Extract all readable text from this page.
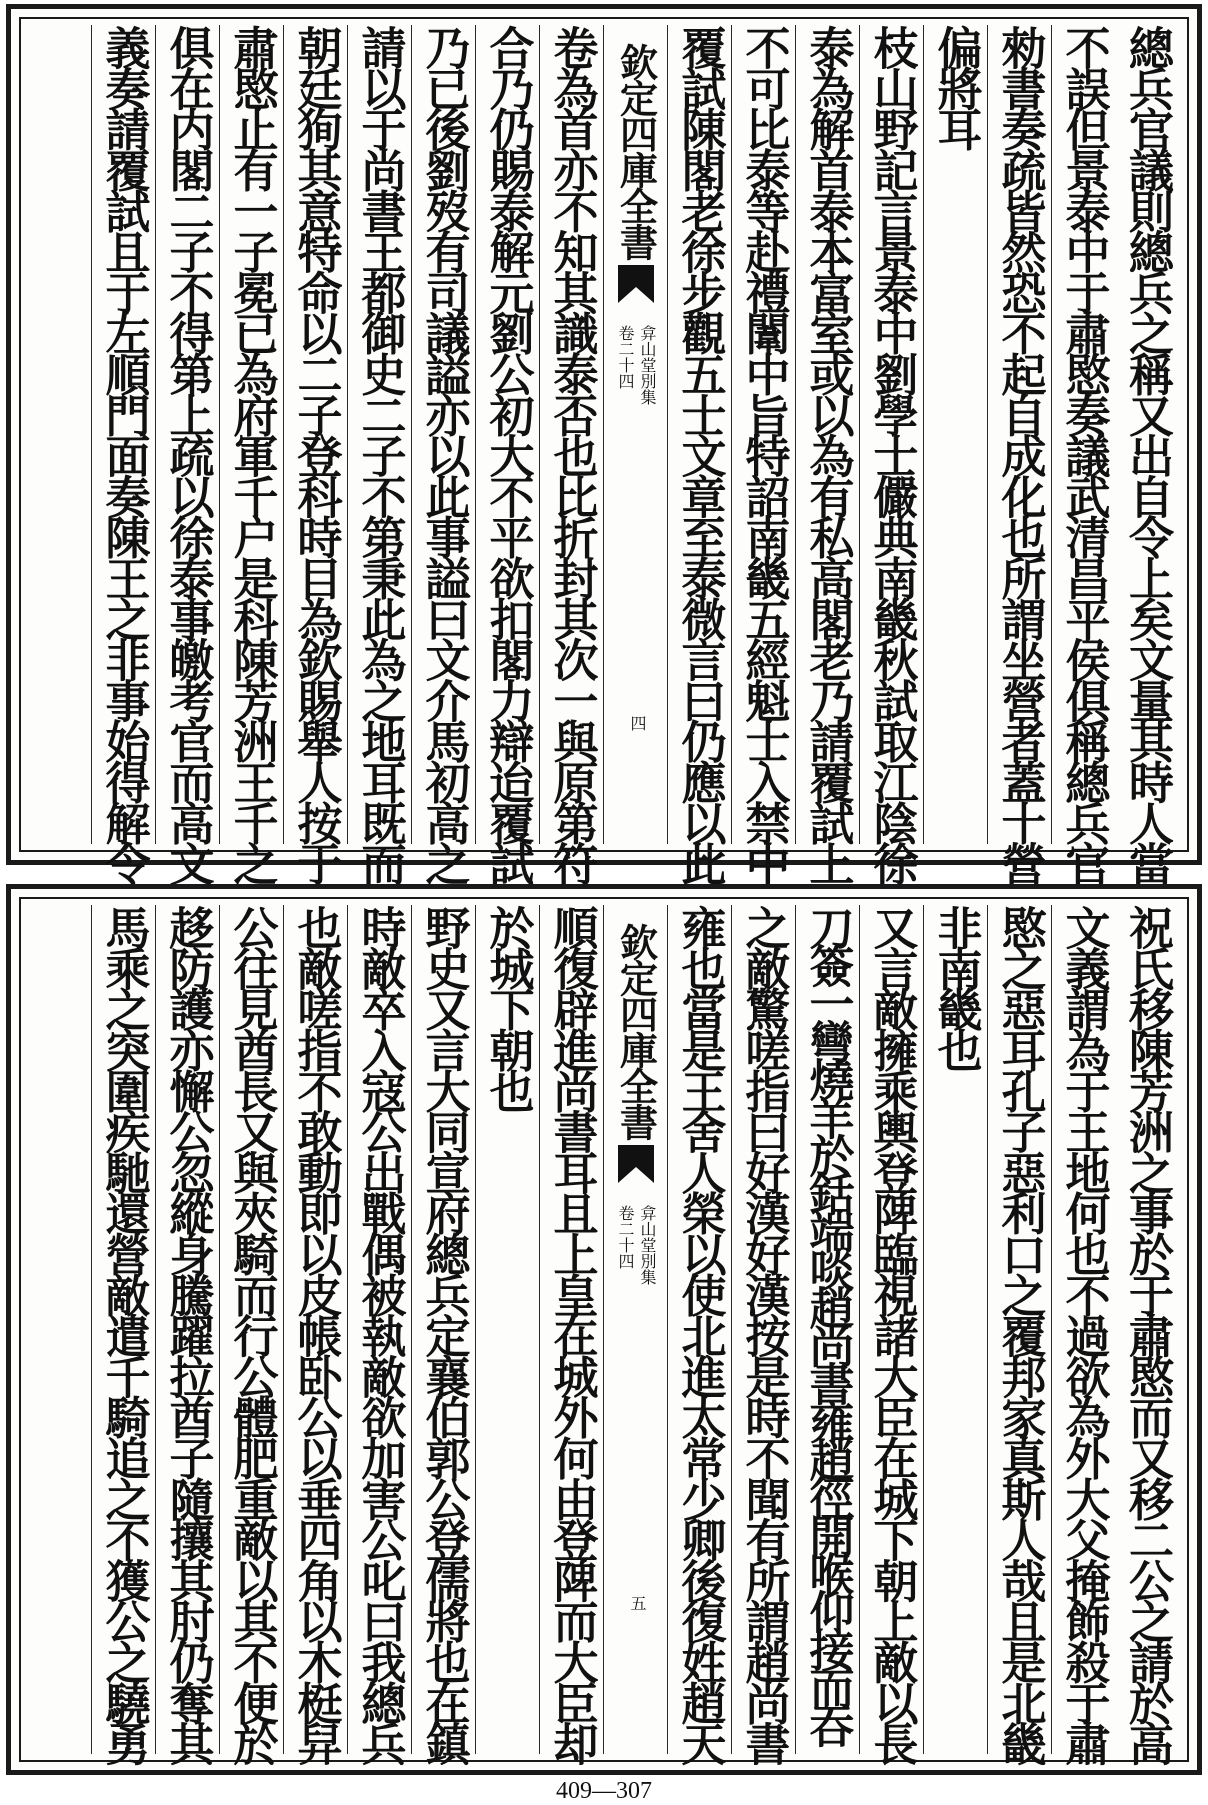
總兵官議則總兵之稱又出自令上矣文量其時人當
不誤但景泰中于肅愍奏議武清昌平侯俱稱總兵官
勑書奏疏皆然恐不起自成化也所謂坐營者蓋十營
偏將耳
枝山野記言景泰中劉學士儼典南畿秋試取江陰徐
泰為解首泰本富室或以為有私高閣老乃請覆試上
不可比泰等赴禮闈中旨特詔南畿五經魁士入禁中
覆試陳閣老徐步觀五士文章至泰微言曰仍應以此
欽定四庫全書
弇山堂別集
卷二十四
四
卷為首亦不知其識泰否也比折封其次一與原第符
合乃仍賜泰解元劉公初大不平欲扣閣力辯迨覆試
乃已後劉歿有司議謚亦以此事謚曰文介馬初高之
請以于尚書王都御史二子不第秉此為之地耳既而
朝廷狥其意特命以二子登科時目為欽賜舉人按于
肅愍止有一子冕已為府軍千户是科陳芳洲王千之
俱在内閣二子不得第上疏以徐泰事皦考官而高文
義奏請覆試且于左順門面奏陳王之非事始得解令
祝氏移陳芳洲之事於于肅愍而又移二公之請於高
文義謂為于王地何也不過欲為外大父掩飾殺于肅
愍之惡耳孔子惡利口之覆邦家真斯人哉且是北畿
非南畿也
又言敵擁乘輿登陴臨視諸大臣在城下朝上敵以長
刀簽一彎燒羊於銛端啖趙尚書雍趙徑開喉仰接而吞
之敵驚嗟指曰好漢好漢按是時不聞有所謂趙尚書
雍也當是王舍人榮以使北進太常少卿後復姓趙天
欽定四庫全書
弇山堂別集
卷二十四
五
順復辟進尚書耳且上皇在城外何由登陴而大臣却
於城下朝也
野史又言大同宣府總兵定襄伯郭公登儒將也在鎮
時敵卒入寇公出戰偶被執敵欲加害公叱曰我總兵
也敵嗟指不敢動即以皮帳卧公以垂四角以木梃舁
公往見酋長又與夾騎而行公體肥重敵以其不便於
趍防護亦懈公忽縱身騰躍拉酋子隨攘其肘仍奪其
馬乘之突圍疾馳還營敵遣千騎追之不獲公之驍勇
409—307
